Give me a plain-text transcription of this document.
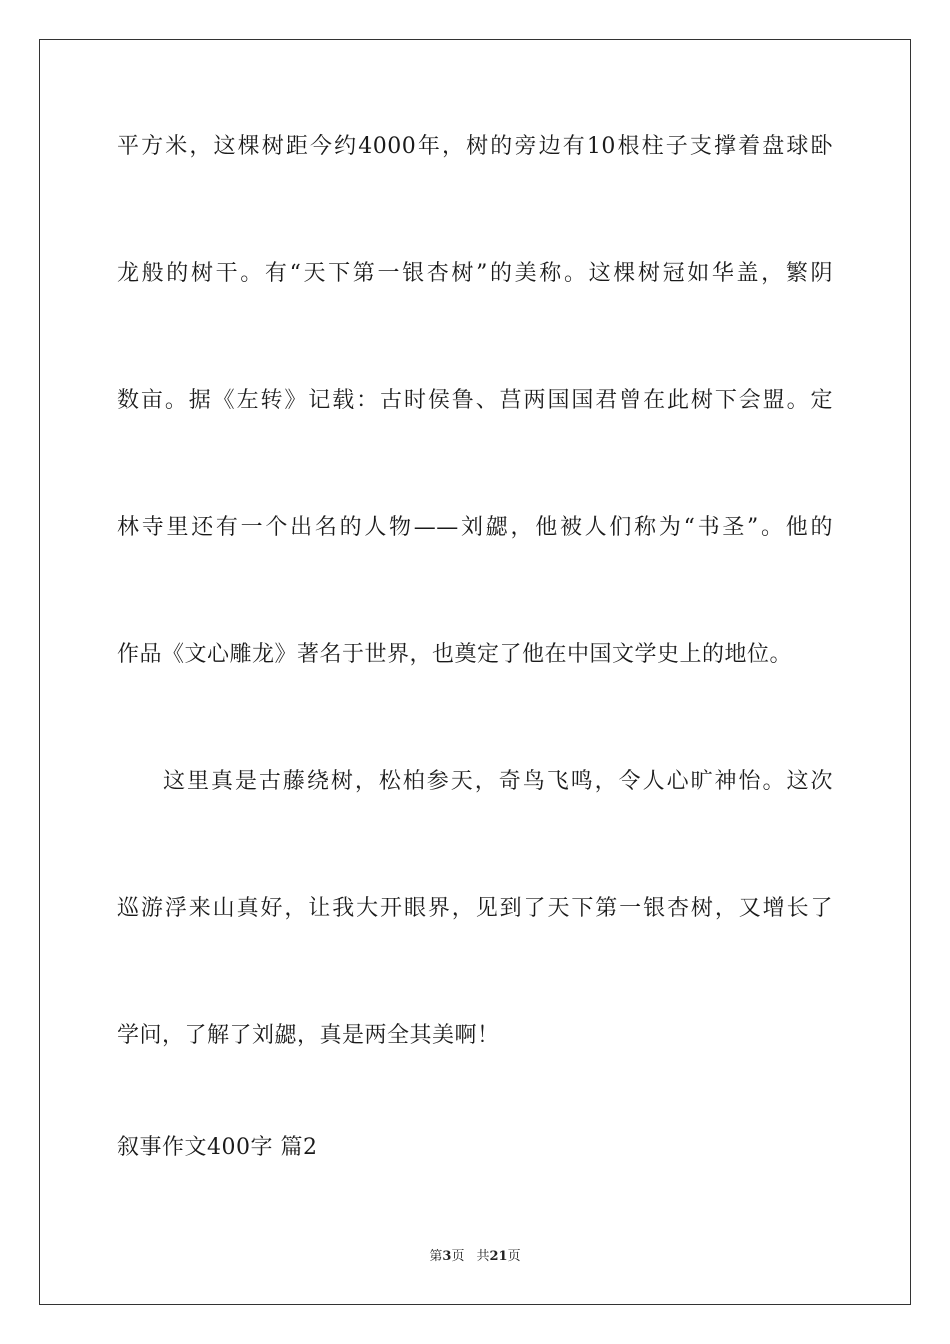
平方米，这棵树距今约4000年，树的旁边有10根柱子支撑着盘球卧
龙般的树干。有“天下第一银杏树”的美称。这棵树冠如华盖，繁阴
数亩。据《左转》记载：古时侯鲁、莒两国国君曾在此树下会盟。定
林寺里还有一个出名的人物——刘勰，他被人们称为“书圣”。他的
作品《文心雕龙》著名于世界，也奠定了他在中国文学史上的地位。
这里真是古藤绕树，松柏参天，奇鸟飞鸣，令人心旷神怡。这次
巡游浮来山真好，让我大开眼界，见到了天下第一银杏树，又增长了
学问，了解了刘勰，真是两全其美啊！
叙事作文400字 篇2
第3页 共21页
